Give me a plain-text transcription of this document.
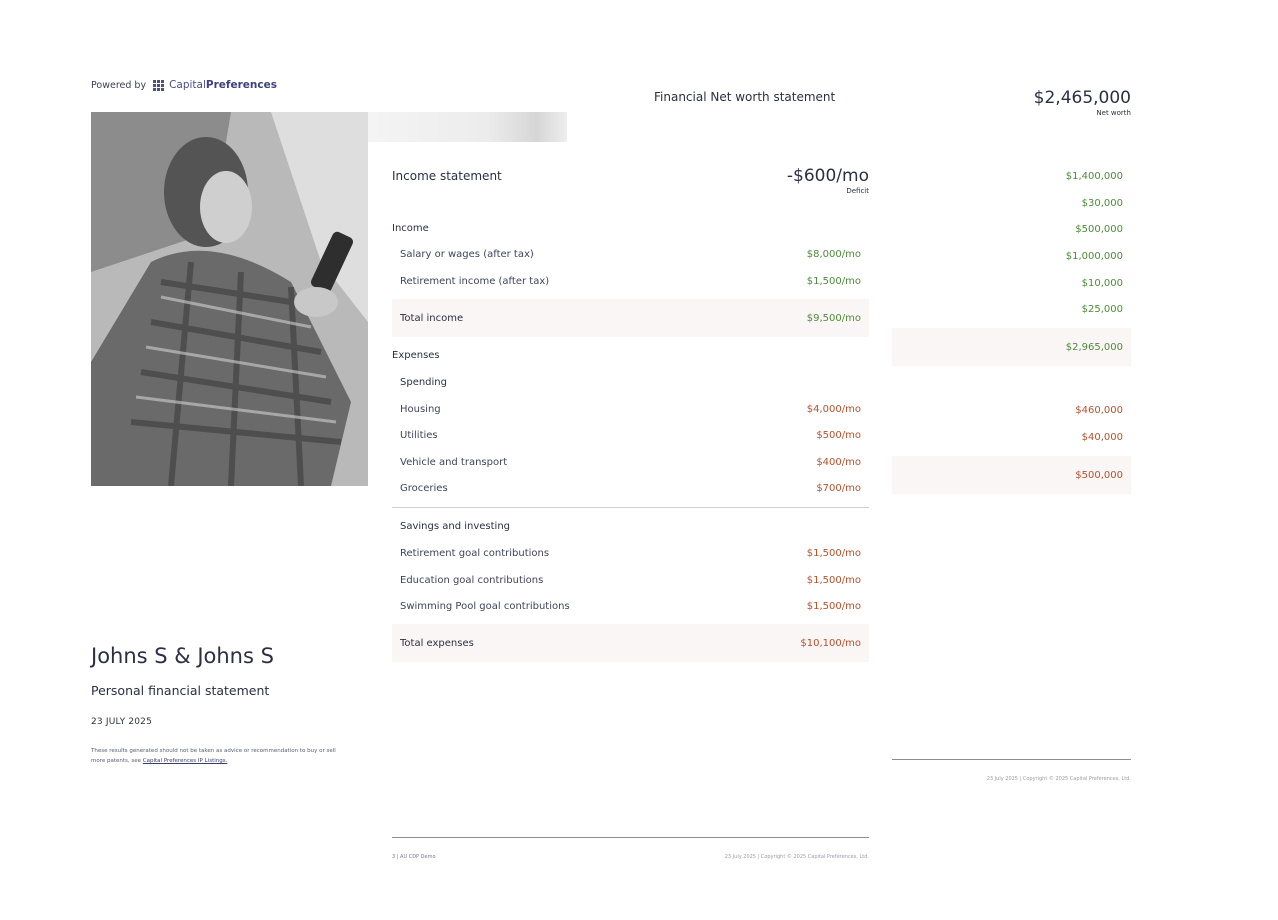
Powered by CapitalPreferences
Johns S & Johns S
Personal financial statement
23 JULY 2025
These results generated should not be taken as advice or recommendation to buy or sell
more patents, see Capital Preferences IP Listings.
Income statement	-$600/mo
Deficit
Income
Salary or wages (after tax)	$8,000/mo
Retirement income (after tax)	$1,500/mo
Total income	$9,500/mo
Expenses
Spending
Housing	$4,000/mo
Utilities	$500/mo
Vehicle and transport	$400/mo
Groceries	$700/mo
Savings and investing
Retirement goal contributions	$1,500/mo
Education goal contributions	$1,500/mo
Swimming Pool goal contributions	$1,500/mo
Total expenses	$10,100/mo
3 | AU CDP Demo	23 July 2025 | Copyright © 2025 Capital Preferences, Ltd.
Financial Net worth statement	$2,465,000
Net worth
$1,400,000
$30,000
$500,000
$1,000,000
$10,000
$25,000
$2,965,000
$460,000
$40,000
$500,000
23 July 2025 | Copyright © 2025 Capital Preferences, Ltd.
